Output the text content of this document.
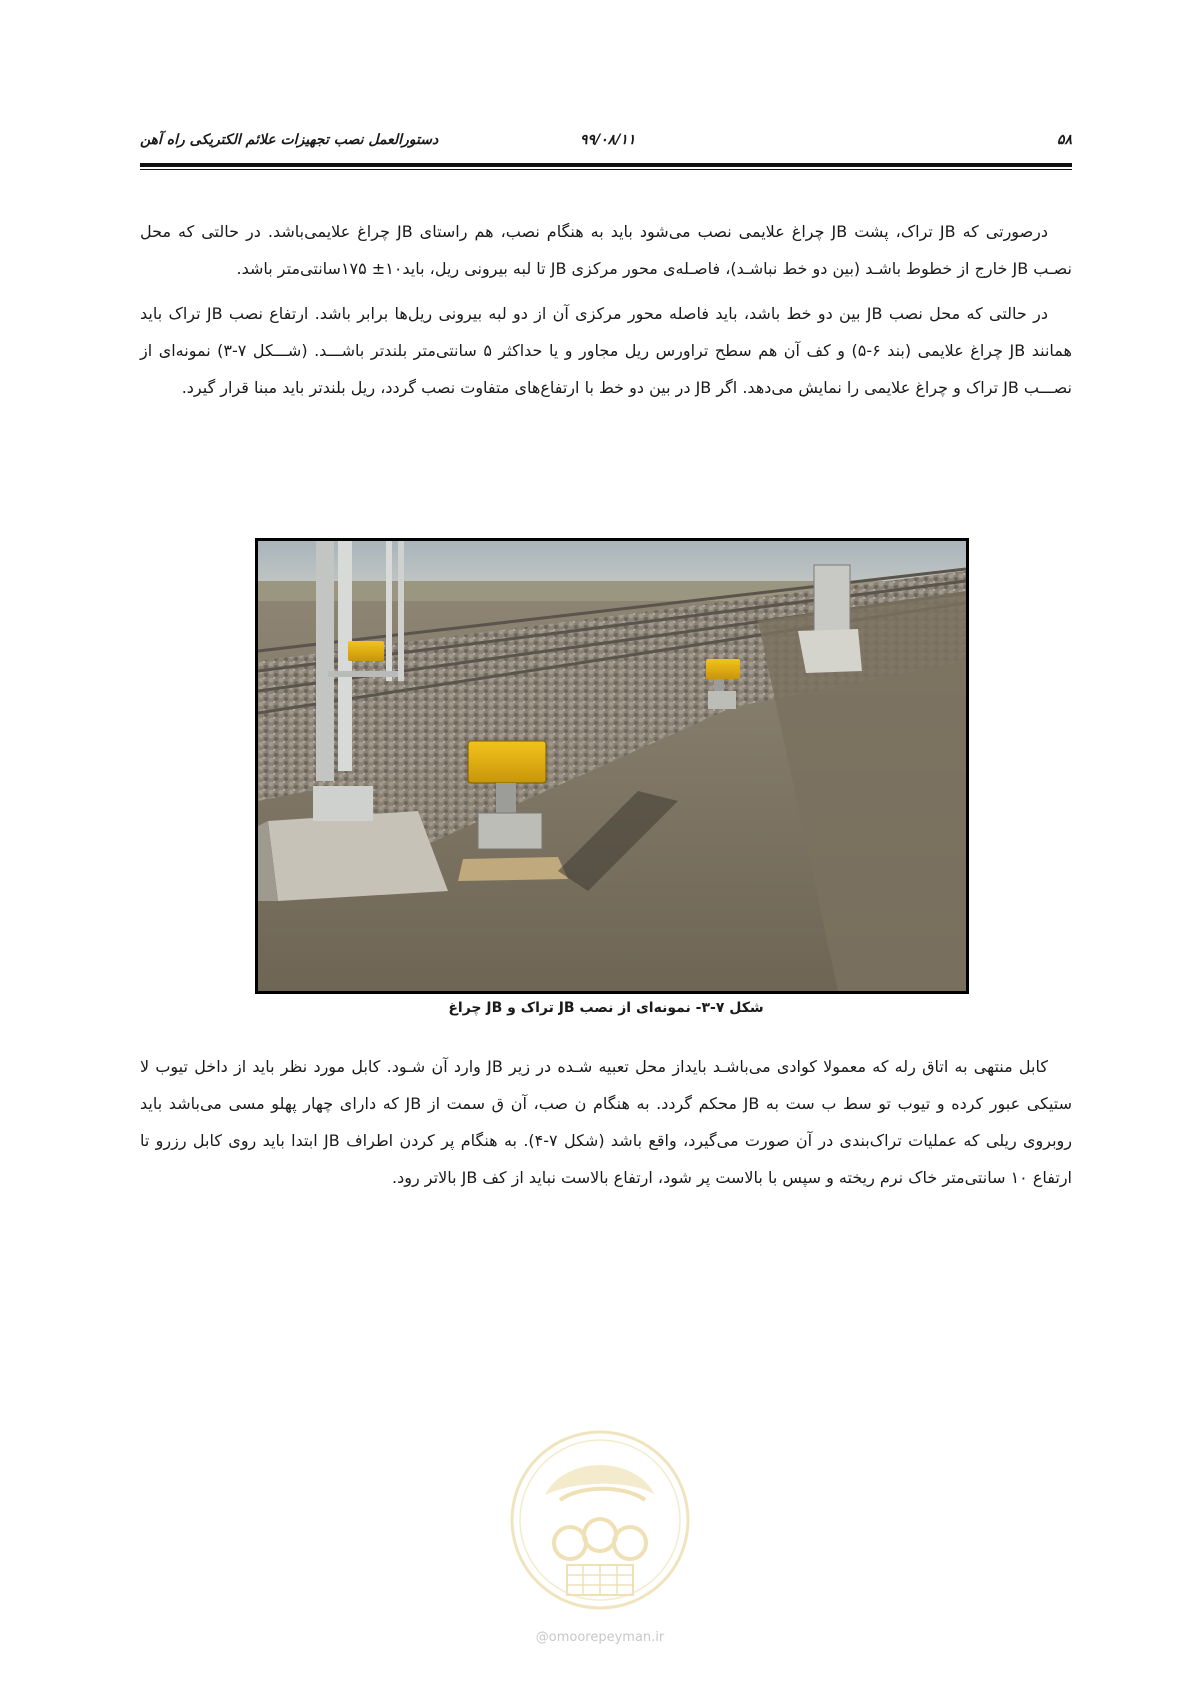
۵۸
۹۹/۰۸/۱۱
دستورالعمل نصب تجهیزات علائم الکتریکی راه آهن

درصورتی که JB تراک، پشت JB چراغ علایمی نصب می‌شود باید به هنگام نصب، هم راستای JB چراغ علایمی‌باشد. در حالتی که محل نصـب JB خارج از خطوط باشـد (بین دو خط نباشـد)، فاصـله‌ی محور مرکزی JB تا لبه بیرونی ریل، باید۱۰± ۱۷۵سانتی‌متر باشد.

در حالتی که محل نصب JB بین دو خط باشد، باید فاصله محور مرکزی آن از دو لبه بیرونی ریل‌ها برابر باشد. ارتفاع نصب JB تراک باید همانند JB چراغ علایمی (بند ۶-۵) و کف آن هم سطح تراورس ریل مجاور و یا حداکثر ۵ سانتی‌متر بلندتر باشـــد. (شـــکل ۷-۳) نمونه‌ای از نصـــب JB تراک و چراغ علایمی را نمایش می‌دهد. اگر JB در بین دو خط با ارتفاع‌های متفاوت نصب گردد، ریل بلندتر باید مبنا قرار گیرد.

شکل ۷-۳- نمونه‌ای از نصب JB تراک و JB چراغ

کابل منتهی به اتاق رله که معمولا کوادی می‌باشـد بایداز محل تعبیه شـده در زیر JB وارد آن شـود. کابل مورد نظر باید از داخل تیوب لا ستیکی عبور کرده و تیوب تو سط ب ست به JB محکم گردد. به هنگام ن صب، آن ق سمت از JB که دارای چهار پهلو مسی می‌باشد باید روبروی ریلی که عملیات تراک‌بندی در آن صورت می‌گیرد، واقع باشد (شکل ۷-۴). به هنگام پر کردن اطراف JB ابتدا باید روی کابل رزرو تا ارتفاع ۱۰ سانتی‌متر خاک نرم ریخته و سپس با بالاست پر شود، ارتفاع بالاست نباید از کف JB بالاتر رود.

@omoorepeyman.ir
